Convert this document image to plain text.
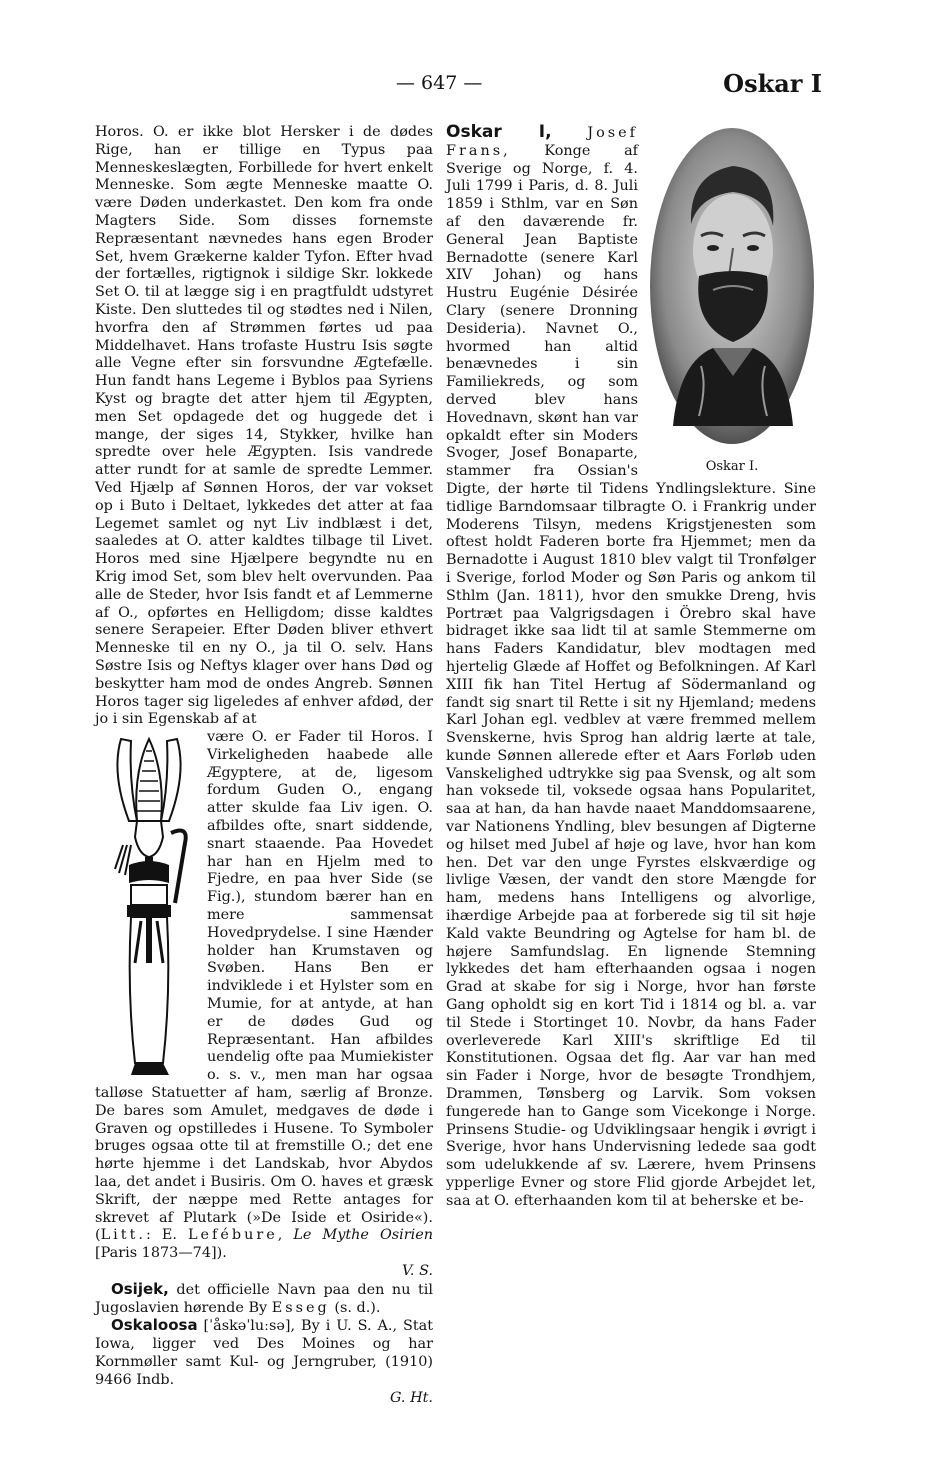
— 647 —	Oskar I

Horos. O. er ikke blot Hersker i de dødes Rige, han er tillige en Typus paa Menneskeslægten, Forbillede for hvert enkelt Menneske. Som ægte Menneske maatte O. være Døden underkastet. Den kom fra onde Magters Side. Som disses fornemste Repræsentant nævnedes hans egen Broder Set, hvem Grækerne kalder Tyfon. Efter hvad der fortælles, rigtignok i sildige Skr. lokkede Set O. til at lægge sig i en pragtfuldt udstyret Kiste. Den sluttedes til og stødtes ned i Nilen, hvorfra den af Strømmen førtes ud paa Middelhavet. Hans trofaste Hustru Isis søgte alle Vegne efter sin forsvundne Ægtefælle. Hun fandt hans Legeme i Byblos paa Syriens Kyst og bragte det atter hjem til Ægypten, men Set opdagede det og huggede det i mange, der siges 14, Stykker, hvilke han spredte over hele Ægypten. Isis vandrede atter rundt for at samle de spredte Lemmer. Ved Hjælp af Sønnen Horos, der var vokset op i Buto i Deltaet, lykkedes det atter at faa Legemet samlet og nyt Liv indblæst i det, saaledes at O. atter kaldtes tilbage til Livet. Horos med sine Hjælpere begyndte nu en Krig imod Set, som blev helt overvunden. Paa alle de Steder, hvor Isis fandt et af Lemmerne af O., opførtes en Helligdom; disse kaldtes senere Serapeier. Efter Døden bliver ethvert Menneske til en ny O., ja til O. selv. Hans Søstre Isis og Neftys klager over hans Død og beskytter ham mod de ondes Angreb. Sønnen Horos tager sig ligeledes af enhver afdød, der jo i sin Egenskab af at

være O. er Fader til Horos. I Virkeligheden haabede alle Ægyptere, at de, ligesom fordum Guden O., engang atter skulde faa Liv igen. O. afbildes ofte, snart siddende, snart staaende. Paa Hovedet har han en Hjelm med to Fjedre, en paa hver Side (se Fig.), stundom bærer han en mere sammensat Hovedprydelse. I sine Hænder holder han Krumstaven og Svøben. Hans Ben er indviklede i et Hylster som en Mumie, for at antyde, at han er de dødes Gud og Repræsentant. Han afbildes uendelig ofte paa Mumiekister o. s. v., men man har ogsaa talløse Statuetter af ham, særlig af Bronze. De bares som Amulet, medgaves de døde i Graven og opstilledes i Husene. To Symboler bruges ogsaa otte til at fremstille O.; det ene hørte hjemme i det Landskab, hvor Abydos laa, det andet i Busiris. Om O. haves et græsk Skrift, der næppe med Rette antages for skrevet af Plutark (»De Iside et Osiride«). (Litt.: E. Lefébure, Le Mythe Osirien [Paris 1873—74]).

V. S.

Osijek, det officielle Navn paa den nu til Jugoslavien hørende By Esseg (s. d.).

Oskaloosa [ˈåskəˈluːsə], By i U. S. A., Stat Iowa, ligger ved Des Moines og har Kornmøller samt Kul- og Jerngruber, (1910) 9466 Indb.

G. Ht.

Oskar I.

Oskar I, Josef Frans, Konge af Sverige og Norge, f. 4. Juli 1799 i Paris, d. 8. Juli 1859 i Sthlm, var en Søn af den daværende fr. General Jean Baptiste Bernadotte (senere Karl XIV Johan) og hans Hustru Eugénie Désirée Clary (senere Dronning Desideria). Navnet O., hvormed han altid benævnedes i sin Familiekreds, og som derved blev hans Hovednavn, skønt han var opkaldt efter sin Moders Svoger, Josef Bonaparte, stammer fra Ossian's Digte, der hørte til Tidens Yndlingslekture. Sine tidlige Barndomsaar tilbragte O. i Frankrig under Moderens Tilsyn, medens Krigstjenesten som oftest holdt Faderen borte fra Hjemmet; men da Bernadotte i August 1810 blev valgt til Tronfølger i Sverige, forlod Moder og Søn Paris og ankom til Sthlm (Jan. 1811), hvor den smukke Dreng, hvis Portræt paa Valgrigsdagen i Örebro skal have bidraget ikke saa lidt til at samle Stemmerne om hans Faders Kandidatur, blev modtagen med hjertelig Glæde af Hoffet og Befolkningen. Af Karl XIII fik han Titel Hertug af Södermanland og fandt sig snart til Rette i sit ny Hjemland; medens Karl Johan egl. vedblev at være fremmed mellem Svenskerne, hvis Sprog han aldrig lærte at tale, kunde Sønnen allerede efter et Aars Forløb uden Vanskelighed udtrykke sig paa Svensk, og alt som han voksede til, voksede ogsaa hans Popularitet, saa at han, da han havde naaet Manddomsaarene, var Nationens Yndling, blev besungen af Digterne og hilset med Jubel af høje og lave, hvor han kom hen. Det var den unge Fyrstes elskværdige og livlige Væsen, der vandt den store Mængde for ham, medens hans Intelligens og alvorlige, ihærdige Arbejde paa at forberede sig til sit høje Kald vakte Beundring og Agtelse for ham bl. de højere Samfundslag. En lignende Stemning lykkedes det ham efterhaanden ogsaa i nogen Grad at skabe for sig i Norge, hvor han første Gang opholdt sig en kort Tid i 1814 og bl. a. var til Stede i Stortinget 10. Novbr, da hans Fader overleverede Karl XIII's skriftlige Ed til Konstitutionen. Ogsaa det flg. Aar var han med sin Fader i Norge, hvor de besøgte Trondhjem, Drammen, Tønsberg og Larvik. Som voksen fungerede han to Gange som Vicekonge i Norge. Prinsens Studie- og Udviklingsaar hengik i øvrigt i Sverige, hvor hans Undervisning ledede saa godt som udelukkende af sv. Lærere, hvem Prinsens ypperlige Evner og store Flid gjorde Arbejdet let, saa at O. efterhaanden kom til at beherske et be-
